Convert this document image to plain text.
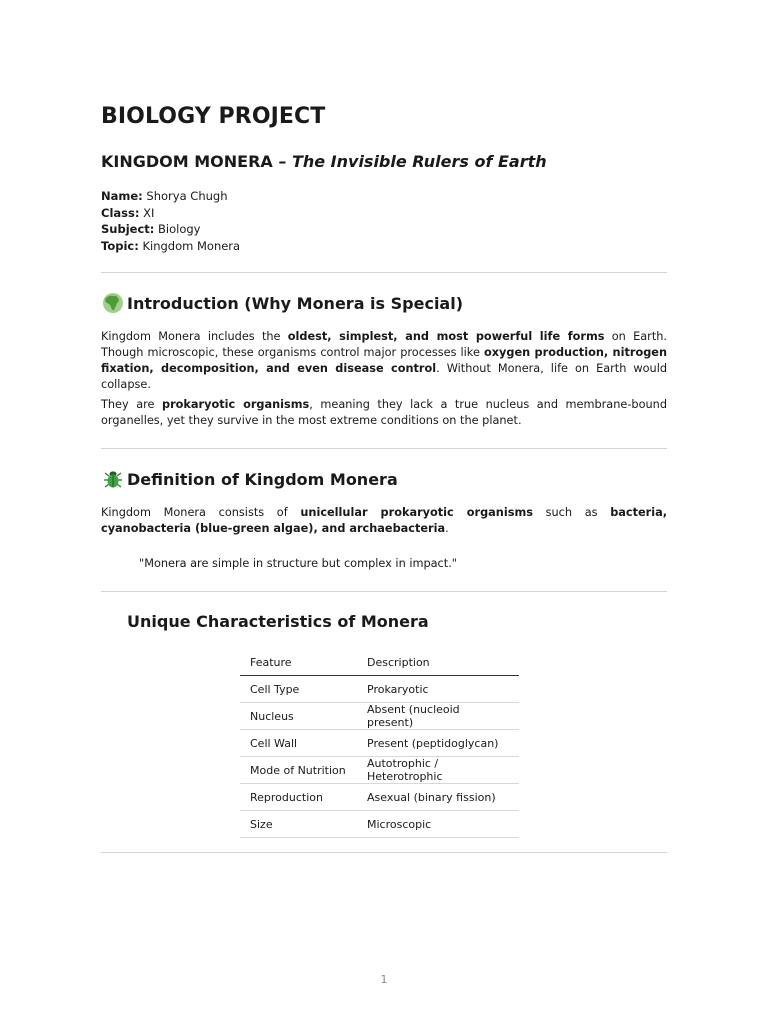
BIOLOGY PROJECT
KINGDOM MONERA – The Invisible Rulers of Earth
Name: Shorya Chugh
Class: XI
Subject: Biology
Topic: Kingdom Monera
Introduction (Why Monera is Special)

Kingdom Monera includes the oldest, simplest, and most powerful life forms on Earth. Though microscopic, these organisms control major processes like oxygen production, nitrogen fixation, decomposition, and even disease control. Without Monera, life on Earth would collapse.

They are prokaryotic organisms, meaning they lack a true nucleus and membrane-bound organelles, yet they survive in the most extreme conditions on the planet.

Definition of Kingdom Monera

Kingdom Monera consists of unicellular prokaryotic organisms such as bacteria, cyanobacteria (blue-green algae), and archaebacteria.

"Monera are simple in structure but complex in impact."

Unique Characteristics of Monera
Feature	Description
Cell Type	Prokaryotic
Nucleus	Absent (nucleoid present)
Cell Wall	Present (peptidoglycan)
Mode of Nutrition	Autotrophic / Heterotrophic
Reproduction	Asexual (binary fission)
Size	Microscopic
1
